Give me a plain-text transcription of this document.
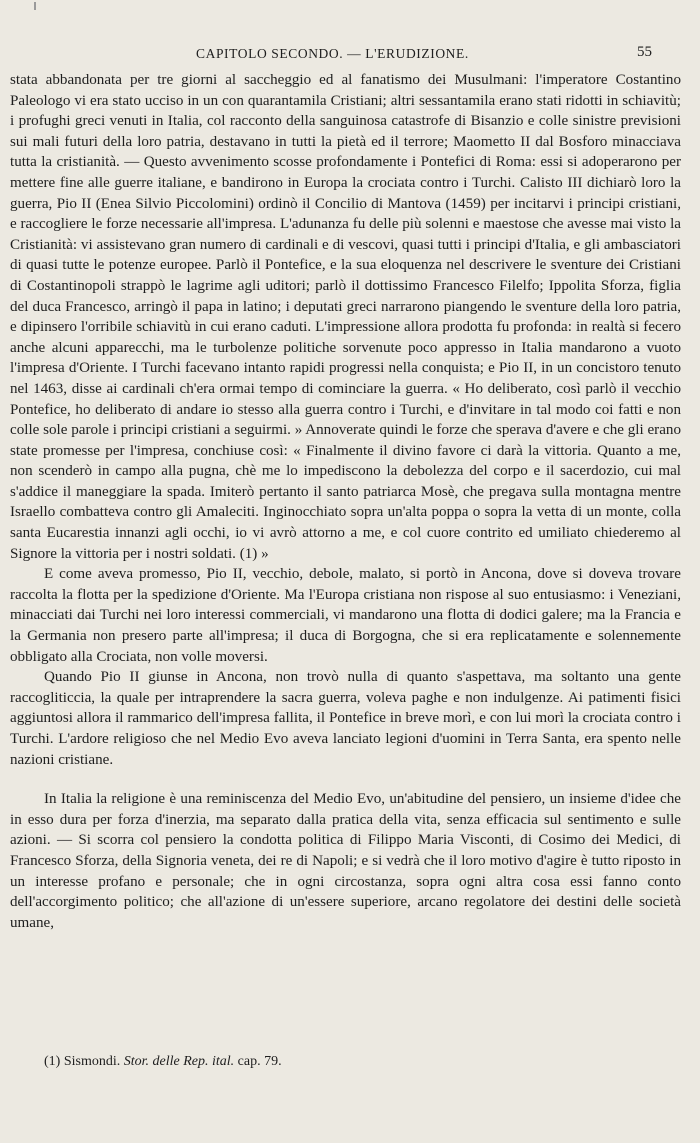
CAPITOLO SECONDO. — L'ERUDIZIONE.	55

stata abbandonata per tre giorni al saccheggio ed al fanatismo dei Musulmani: l'imperatore Costantino Paleologo vi era stato ucciso in un con quarantamila Cristiani; altri sessantamila erano stati ridotti in schiavitù; i profughi greci venuti in Italia, col racconto della sanguinosa catastrofe di Bisanzio e colle sinistre previsioni sui mali futuri della loro patria, destavano in tutti la pietà ed il terrore; Maometto II dal Bosforo minacciava tutta la cristianità. — Questo avvenimento scosse profondamente i Pontefici di Roma: essi si adoperarono per mettere fine alle guerre italiane, e bandirono in Europa la crociata contro i Turchi. Calisto III dichiarò loro la guerra, Pio II (Enea Silvio Piccolomini) ordinò il Concilio di Mantova (1459) per incitarvi i principi cristiani, e raccogliere le forze necessarie all'impresa. L'adunanza fu delle più solenni e maestose che avesse mai visto la Cristianità: vi assistevano gran numero di cardinali e di vescovi, quasi tutti i principi d'Italia, e gli ambasciatori di quasi tutte le potenze europee. Parlò il Pontefice, e la sua eloquenza nel descrivere le sventure dei Cristiani di Costantinopoli strappò le lagrime agli uditori; parlò il dottissimo Francesco Filelfo; Ippolita Sforza, figlia del duca Francesco, arringò il papa in latino; i deputati greci narrarono piangendo le sventure della loro patria, e dipinsero l'orribile schiavitù in cui erano caduti. L'impressione allora prodotta fu profonda: in realtà si fecero anche alcuni apparecchi, ma le turbolenze politiche sorvenute poco appresso in Italia mandarono a vuoto l'impresa d'Oriente. I Turchi facevano intanto rapidi progressi nella conquista; e Pio II, in un concistoro tenuto nel 1463, disse ai cardinali ch'era ormai tempo di cominciare la guerra. « Ho deliberato, così parlò il vecchio Pontefice, ho deliberato di andare io stesso alla guerra contro i Turchi, e d'invitare in tal modo coi fatti e non colle sole parole i principi cristiani a seguirmi. » Annoverate quindi le forze che sperava d'avere e che gli erano state promesse per l'impresa, conchiuse così: « Finalmente il divino favore ci darà la vittoria. Quanto a me, non scenderò in campo alla pugna, chè me lo impediscono la debolezza del corpo e il sacerdozio, cui mal s'addice il maneggiare la spada. Imiterò pertanto il santo patriarca Mosè, che pregava sulla montagna mentre Israello combatteva contro gli Amaleciti. Inginocchiato sopra un'alta poppa o sopra la vetta di un monte, colla santa Eucarestia innanzi agli occhi, io vi avrò attorno a me, e col cuore contrito ed umiliato chiederemo al Signore la vittoria per i nostri soldati. (1) »

E come aveva promesso, Pio II, vecchio, debole, malato, si portò in Ancona, dove si doveva trovare raccolta la flotta per la spedizione d'Oriente. Ma l'Europa cristiana non rispose al suo entusiasmo: i Veneziani, minacciati dai Turchi nei loro interessi commerciali, vi mandarono una flotta di dodici galere; ma la Francia e la Germania non presero parte all'impresa; il duca di Borgogna, che si era replicatamente e solennemente obbligato alla Crociata, non volle moversi.

Quando Pio II giunse in Ancona, non trovò nulla di quanto s'aspettava, ma soltanto una gente raccogliticcia, la quale per intraprendere la sacra guerra, voleva paghe e non indulgenze. Ai patimenti fisici aggiuntosi allora il rammarico dell'impresa fallita, il Pontefice in breve morì, e con lui morì la crociata contro i Turchi. L'ardore religioso che nel Medio Evo aveva lanciato legioni d'uomini in Terra Santa, era spento nelle nazioni cristiane.

In Italia la religione è una reminiscenza del Medio Evo, un'abitudine del pensiero, un insieme d'idee che in esso dura per forza d'inerzia, ma separato dalla pratica della vita, senza efficacia sul sentimento e sulle azioni. — Si scorra col pensiero la condotta politica di Filippo Maria Visconti, di Cosimo dei Medici, di Francesco Sforza, della Signoria veneta, dei re di Napoli; e si vedrà che il loro motivo d'agire è tutto riposto in un interesse profano e personale; che in ogni circostanza, sopra ogni altra cosa essi fanno conto dell'accorgimento politico; che all'azione di un'essere superiore, arcano regolatore dei destini delle società umane,

(1) Sismondi. Stor. delle Rep. ital. cap. 79.
